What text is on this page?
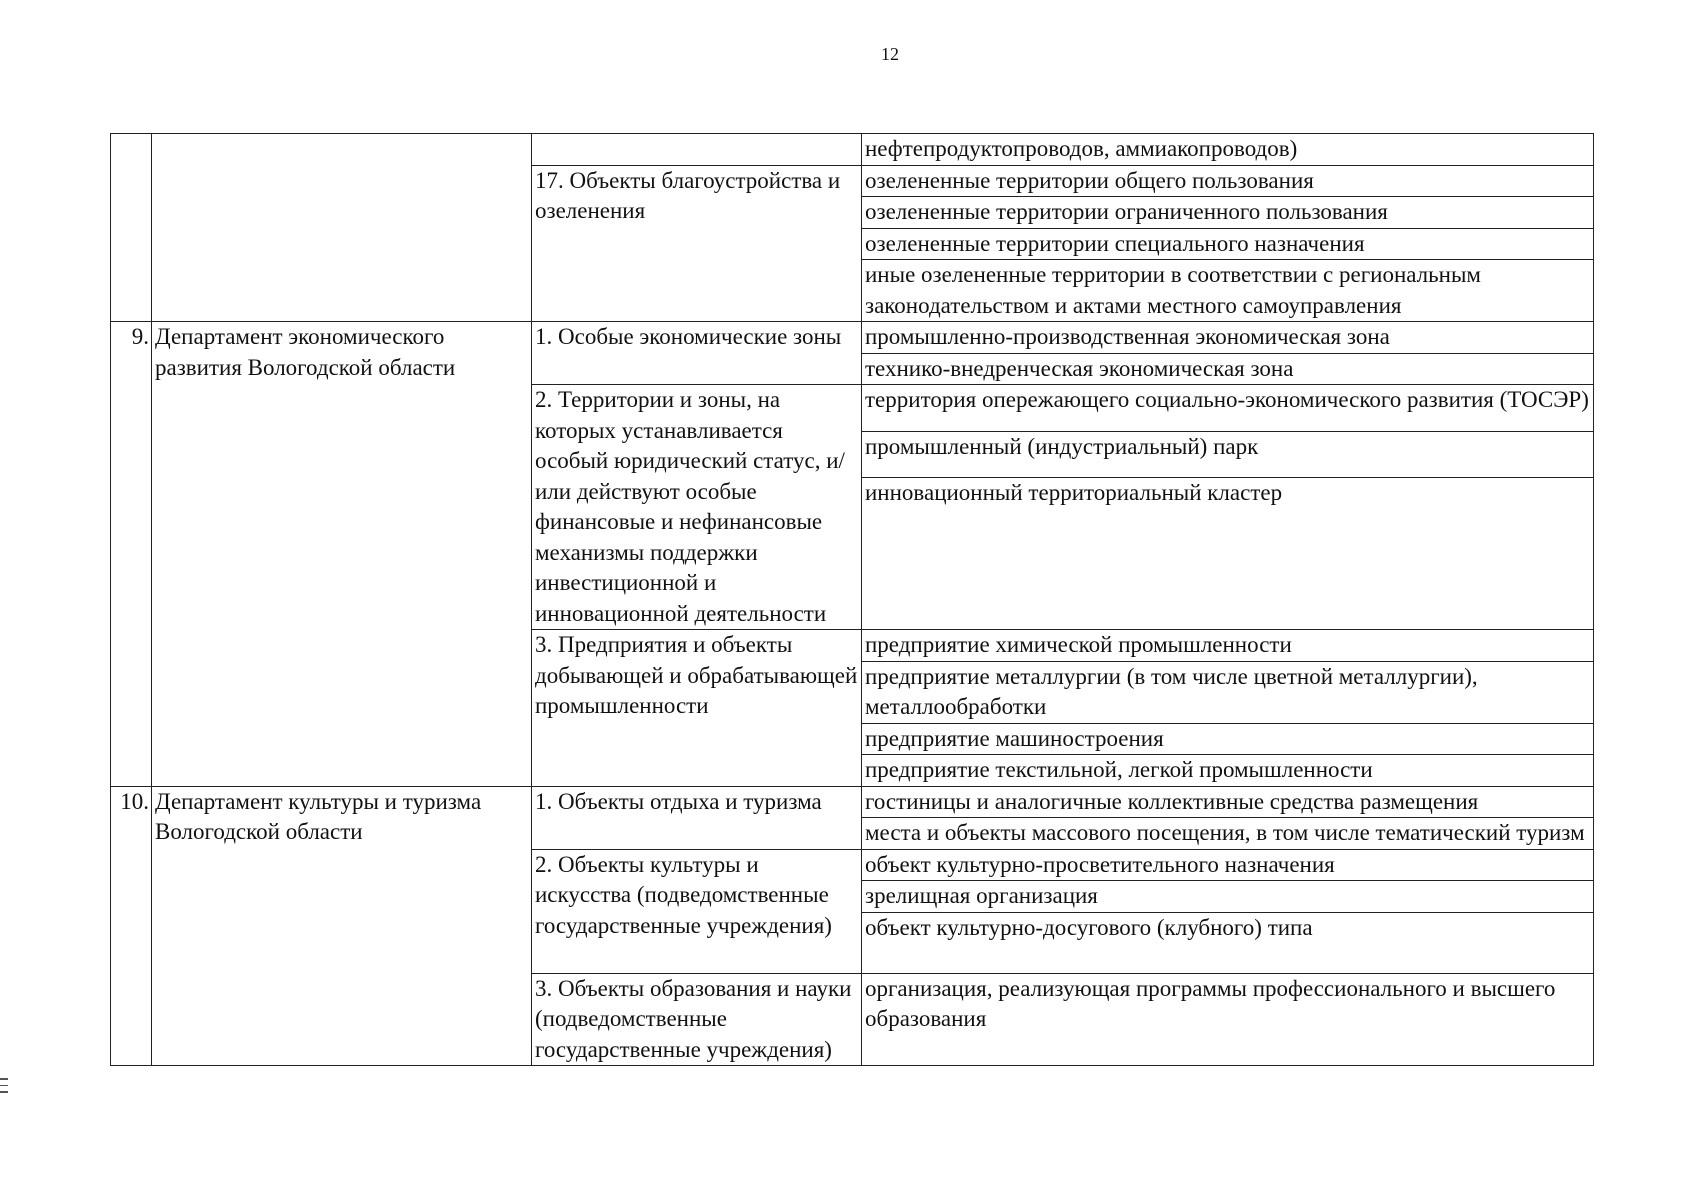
12
			нефтепродуктопроводов, аммиакопроводов)
		17. Объекты благоустройства и озеленения	озелененные территории общего пользования
			озелененные территории ограниченного пользования
			озелененные территории специального назначения
			иные озелененные территории в соответствии с региональным законодательством и актами местного самоуправления

9.	Департамент экономического развития Вологодской области	1. Особые экономические зоны	промышленно-производственная экономическая зона
			технико-внедренческая экономическая зона
		2. Территории и зоны, на которых устанавливается особый юридический статус, и/или действуют особые финансовые и нефинансовые механизмы поддержки инвестиционной и инновационной деятельности	территория опережающего социально-экономического развития (ТОСЭР)
			промышленный (индустриальный) парк
			инновационный территориальный кластер
		3. Предприятия и объекты добывающей и обрабатывающей промышленности	предприятие химической промышленности
			предприятие металлургии (в том числе цветной металлургии), металлообработки
			предприятие машиностроения
			предприятие текстильной, легкой промышленности
10.	Департамент культуры и туризма Вологодской области	1. Объекты отдыха и туризма	гостиницы и аналогичные коллективные средства размещения
			места и объекты массового посещения, в том числе тематический туризм
		2. Объекты культуры и искусства (подведомственные государственные учреждения)	объект культурно-просветительного назначения
			зрелищная организация
			объект культурно-досугового (клубного) типа
		3. Объекты образования и науки (подведомственные государственные учреждения)	организация, реализующая программы профессионального и высшего образования
